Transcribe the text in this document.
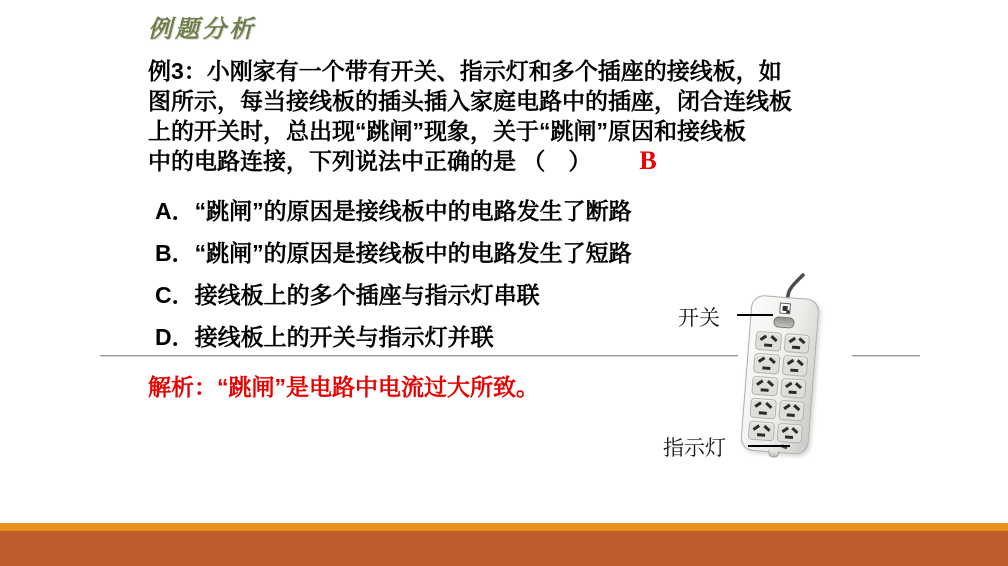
例题分析
例3：小刚家有一个带有开关、指示灯和多个插座的接线板，如
图所示，每当接线板的插头插入家庭电路中的插座，闭合连线板
上的开关时，总出现“跳闸”现象，关于“跳闸”原因和接线板
中的电路连接，下列说法中正确的是 （　） B
A．“跳闸”的原因是接线板中的电路发生了断路
B．“跳闸”的原因是接线板中的电路发生了短路
C．接线板上的多个插座与指示灯串联
D．接线板上的开关与指示灯并联
解析：“跳闸”是电路中电流过大所致。
开关
指示灯
